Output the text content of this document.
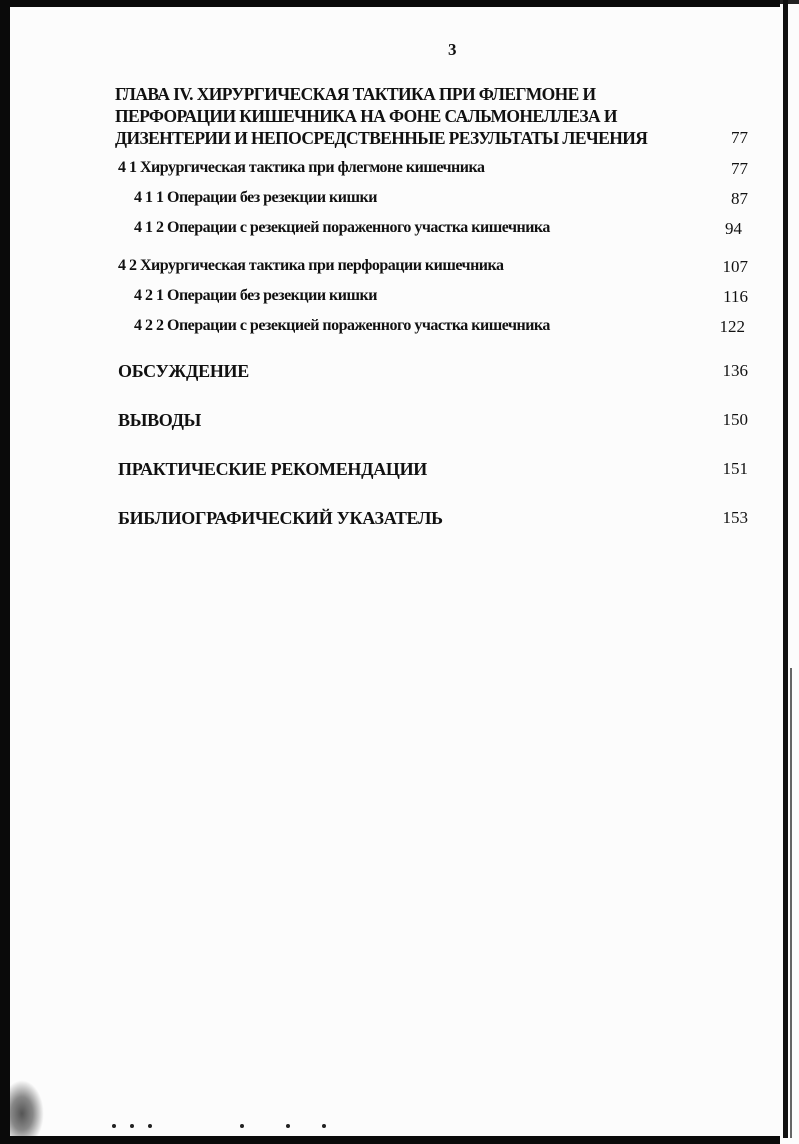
3
ГЛАВА IV. ХИРУРГИЧЕСКАЯ ТАКТИКА ПРИ ФЛЕГМОНЕ И
ПЕРФОРАЦИИ КИШЕЧНИКА НА ФОНЕ САЛЬМОНЕЛЛЕЗА И
ДИЗЕНТЕРИИ И НЕПОСРЕДСТВЕННЫЕ РЕЗУЛЬТАТЫ ЛЕЧЕНИЯ	77
4 1 Хирургическая тактика при флегмоне кишечника	77
4 1 1 Операции без резекции кишки	87
4 1 2 Операции с резекцией пораженного участка кишечника	94
4 2 Хирургическая тактика при перфорации кишечника	107
4 2 1 Операции без резекции кишки	116
4 2 2 Операции с резекцией пораженного участка кишечника	122
ОБСУЖДЕНИЕ	136
ВЫВОДЫ	150
ПРАКТИЧЕСКИЕ РЕКОМЕНДАЦИИ	151
БИБЛИОГРАФИЧЕСКИЙ УКАЗАТЕЛЬ	153
